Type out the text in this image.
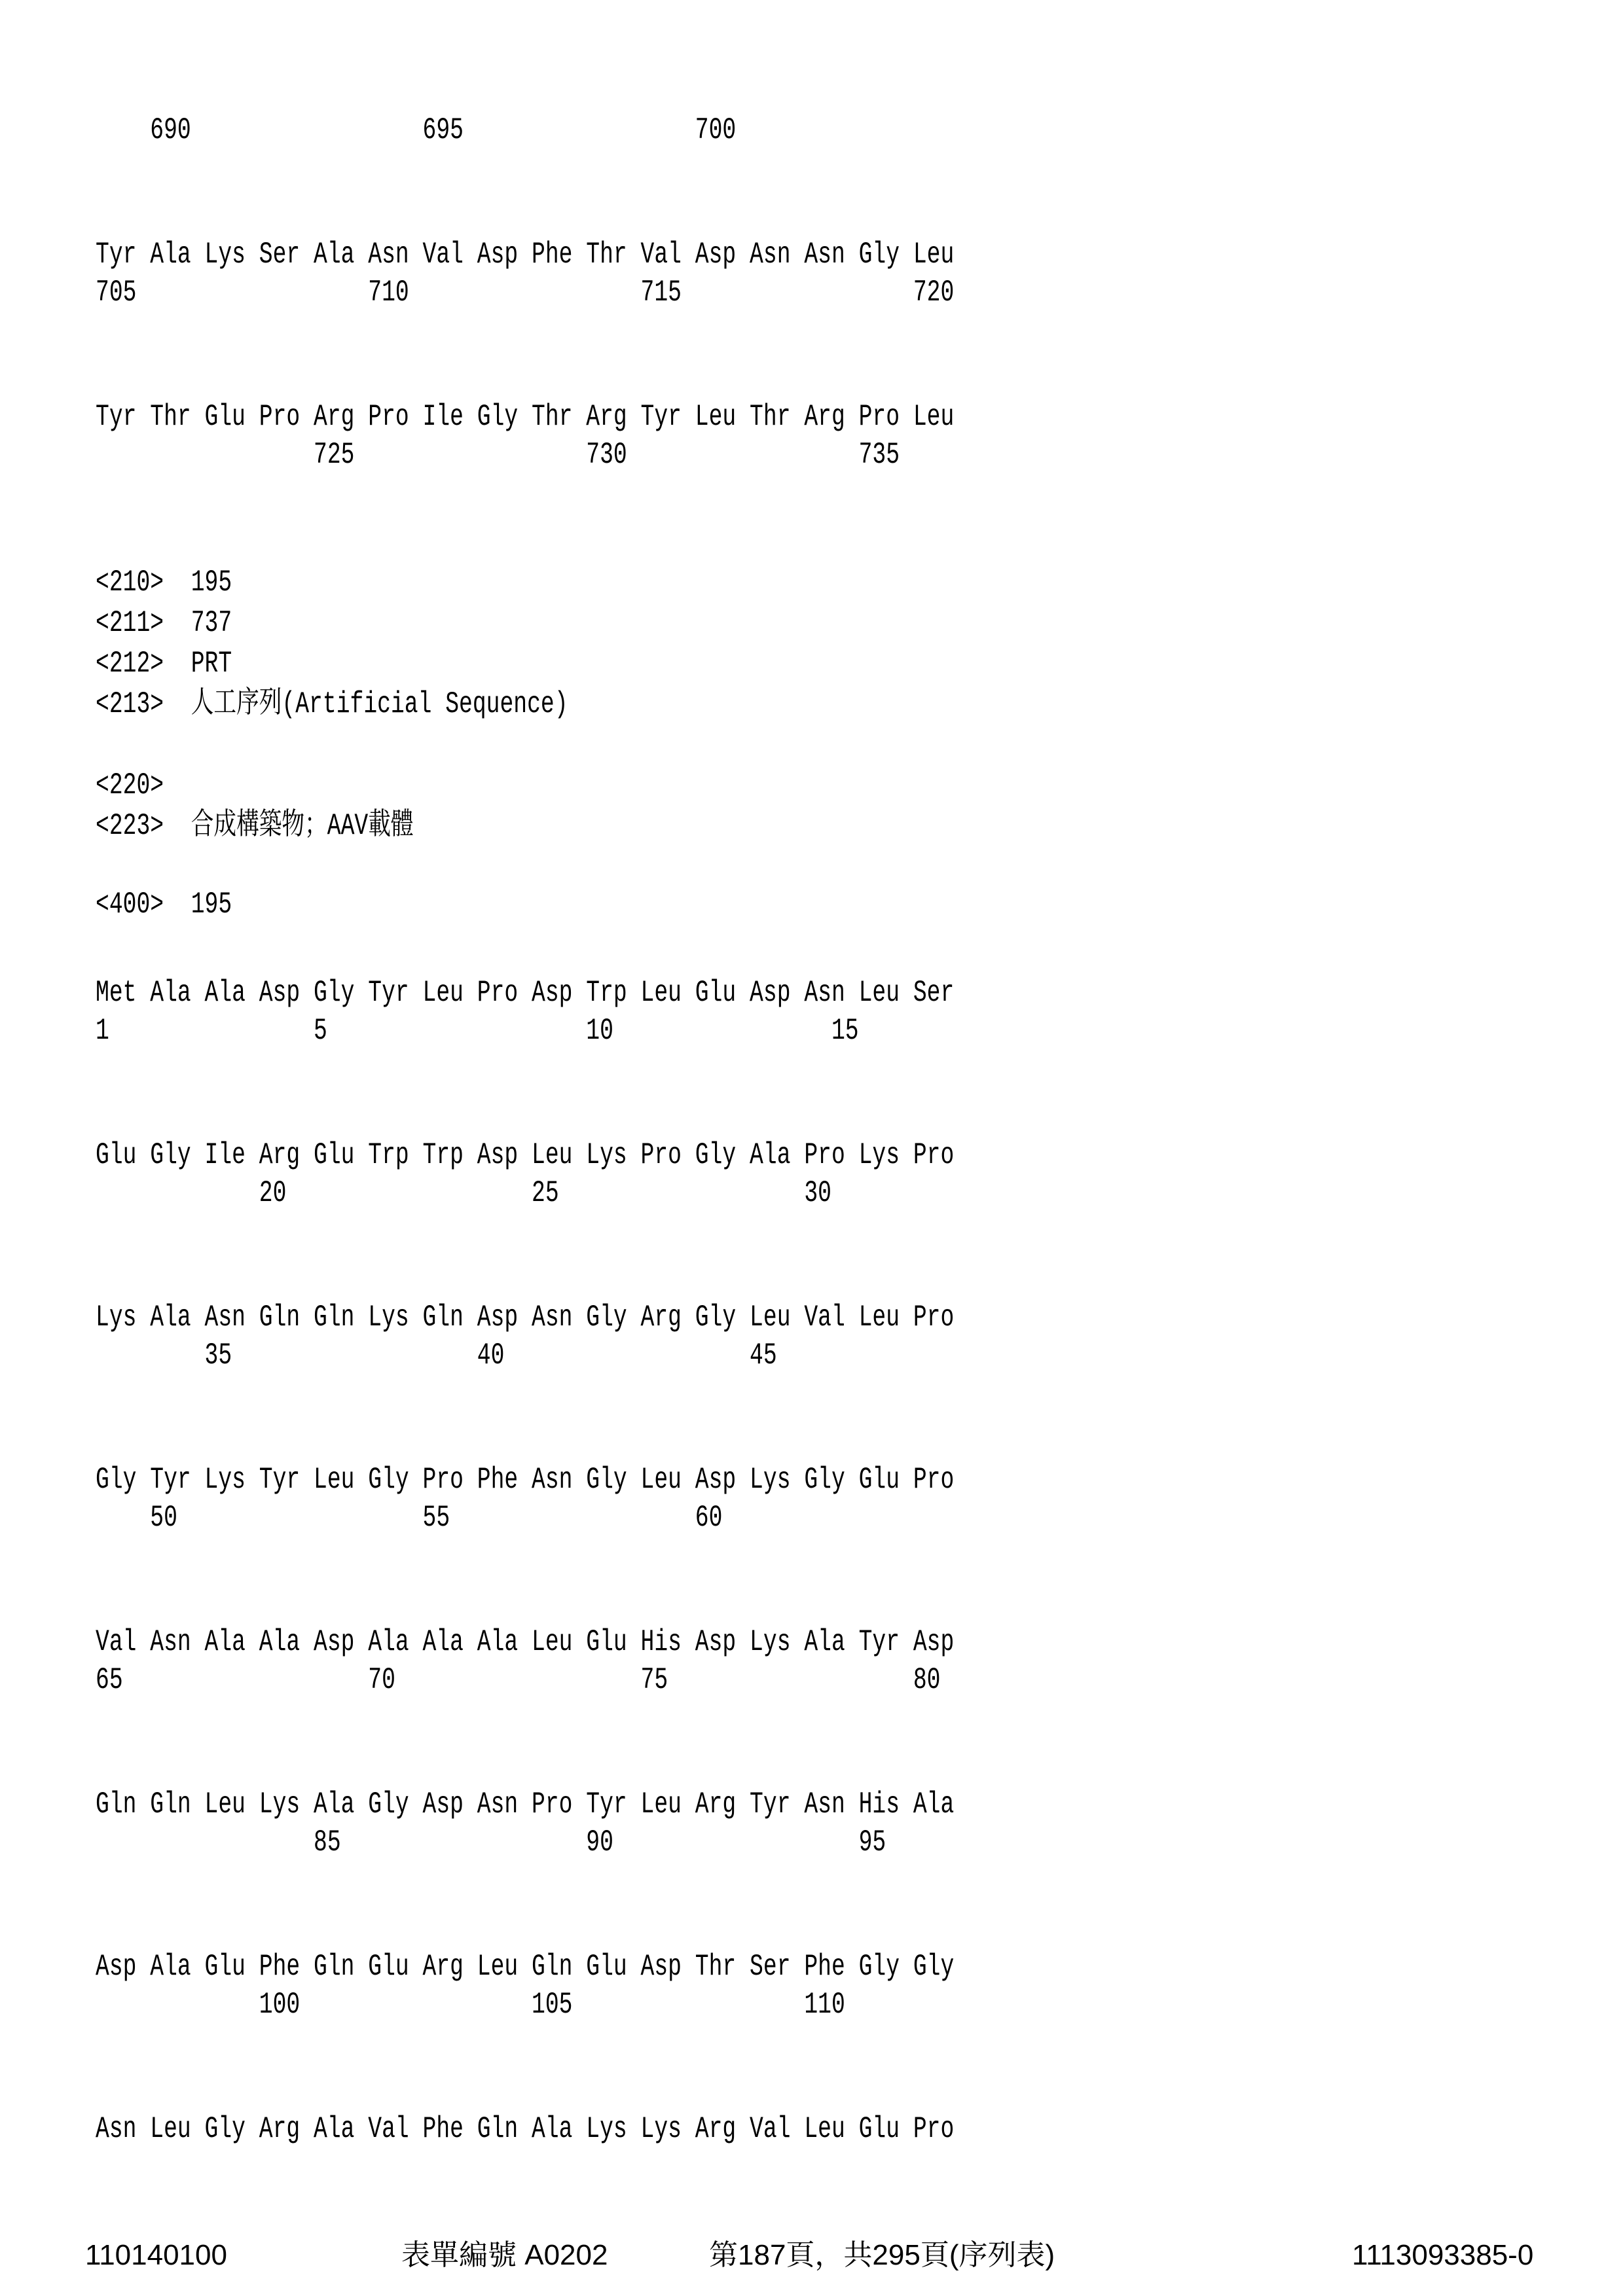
690                 695                 700
Tyr Ala Lys Ser Ala Asn Val Asp Phe Thr Val Asp Asn Asn Gly Leu
705                 710                 715                 720
Tyr Thr Glu Pro Arg Pro Ile Gly Thr Arg Tyr Leu Thr Arg Pro Leu
725                 730                 735
<210>  195
<211>  737
<212>  PRT
<213>  人工序列(Artificial Sequence)
<220>
<223>  合成構築物；AAV載體
<400>  195
Met Ala Ala Asp Gly Tyr Leu Pro Asp Trp Leu Glu Asp Asn Leu Ser
1               5                   10                15
Glu Gly Ile Arg Glu Trp Trp Asp Leu Lys Pro Gly Ala Pro Lys Pro
20                  25                  30
Lys Ala Asn Gln Gln Lys Gln Asp Asn Gly Arg Gly Leu Val Leu Pro
35                  40                  45
Gly Tyr Lys Tyr Leu Gly Pro Phe Asn Gly Leu Asp Lys Gly Glu Pro
50                  55                  60
Val Asn Ala Ala Asp Ala Ala Ala Leu Glu His Asp Lys Ala Tyr Asp
65                  70                  75                  80
Gln Gln Leu Lys Ala Gly Asp Asn Pro Tyr Leu Arg Tyr Asn His Ala
85                  90                  95
Asp Ala Glu Phe Gln Glu Arg Leu Gln Glu Asp Thr Ser Phe Gly Gly
100                 105                 110
Asn Leu Gly Arg Ala Val Phe Gln Ala Lys Lys Arg Val Leu Glu Pro
110140100	表單編號 A0202	第187頁，共295頁(序列表)	1113093385-0
